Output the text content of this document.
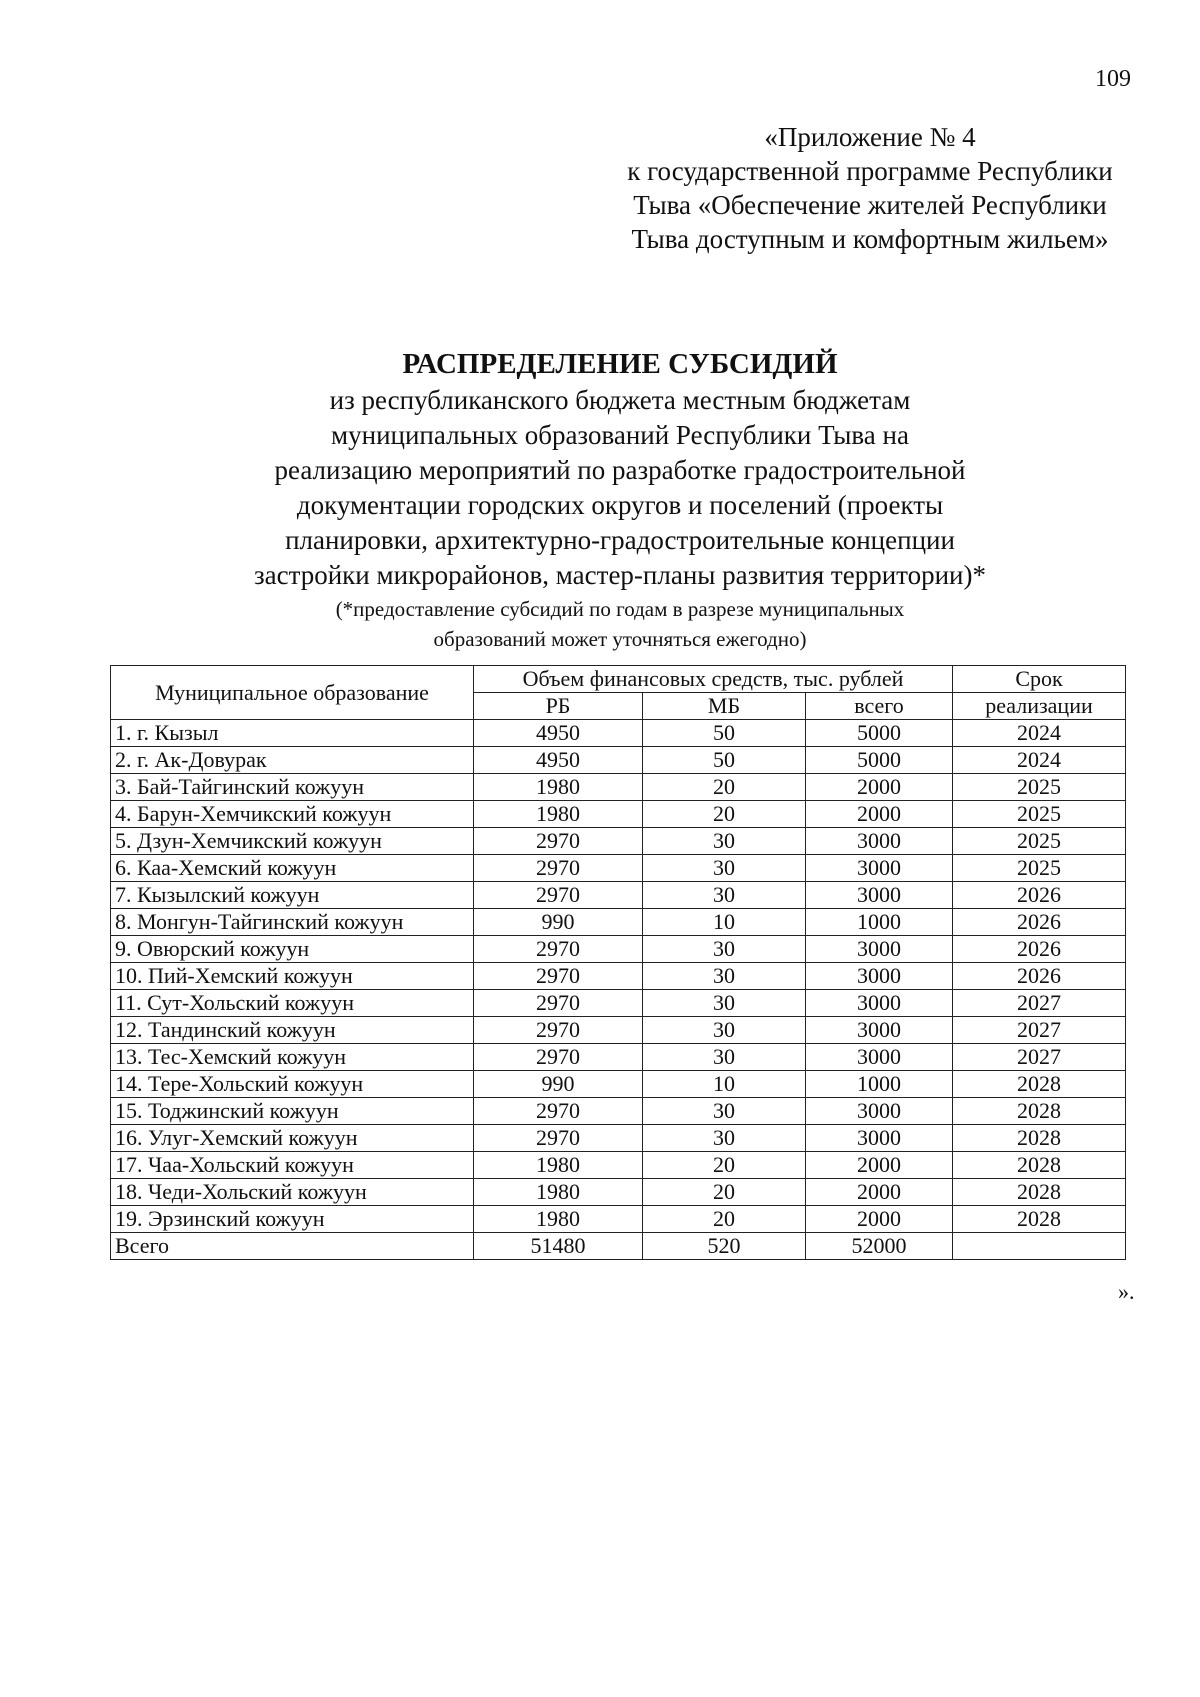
109
«Приложение № 4
к государственной программе Республики
Тыва «Обеспечение жителей Республики
Тыва доступным и комфортным жильем»
РАСПРЕДЕЛЕНИЕ СУБСИДИЙ
из республиканского бюджета местным бюджетам
муниципальных образований Республики Тыва на
реализацию мероприятий по разработке градостроительной
документации городских округов и поселений (проекты
планировки, архитектурно-градостроительные концепции
застройки микрорайонов, мастер-планы развития территории)*
(*предоставление субсидий по годам в разрезе муниципальных
образований может уточняться ежегодно)
Муниципальное образование	Объем финансовых средств, тыс. рублей			Срок
	РБ	МБ	всего	реализации
1. г. Кызыл	4950	50	5000	2024
2. г. Ак-Довурак	4950	50	5000	2024
3. Бай-Тайгинский кожуун	1980	20	2000	2025
4. Барун-Хемчикский кожуун	1980	20	2000	2025
5. Дзун-Хемчикский кожуун	2970	30	3000	2025
6. Каа-Хемский кожуун	2970	30	3000	2025
7. Кызылский кожуун	2970	30	3000	2026
8. Монгун-Тайгинский кожуун	990	10	1000	2026
9. Овюрский кожуун	2970	30	3000	2026
10. Пий-Хемский кожуун	2970	30	3000	2026
11. Сут-Хольский кожуун	2970	30	3000	2027
12. Тандинский кожуун	2970	30	3000	2027
13. Тес-Хемский кожуун	2970	30	3000	2027
14. Тере-Хольский кожуун	990	10	1000	2028
15. Тоджинский кожуун	2970	30	3000	2028
16. Улуг-Хемский кожуун	2970	30	3000	2028
17. Чаа-Хольский кожуун	1980	20	2000	2028
18. Чеди-Хольский кожуун	1980	20	2000	2028
19. Эрзинский кожуун	1980	20	2000	2028
Всего	51480	520	52000	
».
